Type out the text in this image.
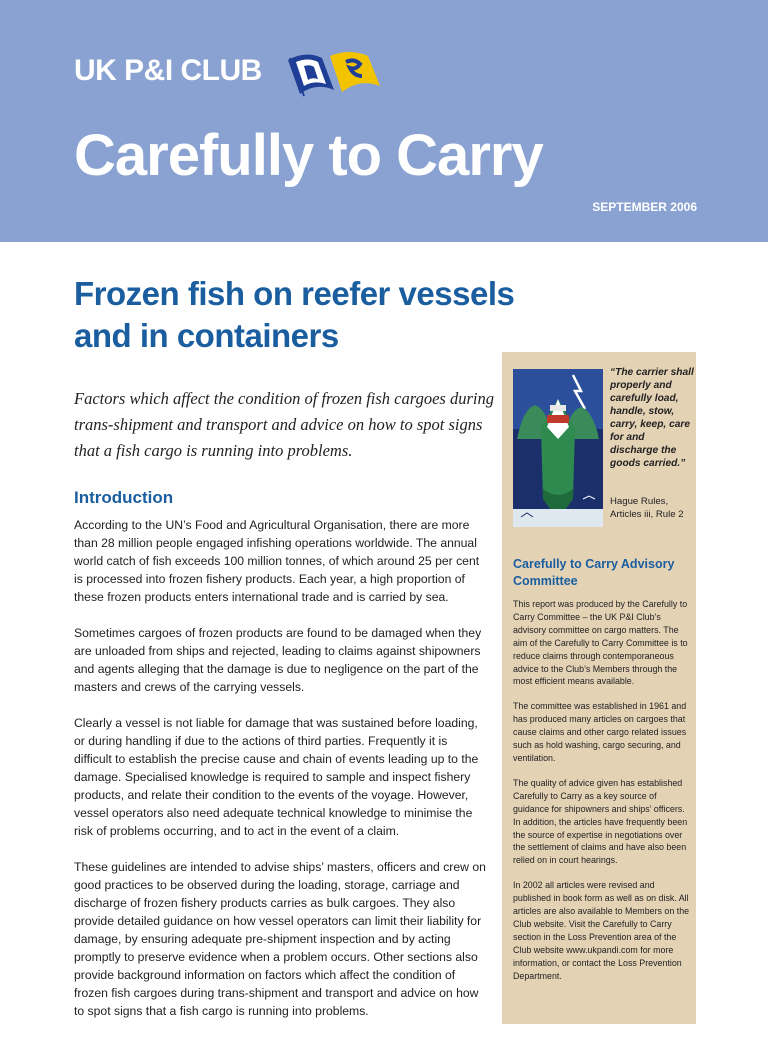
UK P&I CLUB
Carefully to Carry
SEPTEMBER 2006
Frozen fish on reefer vessels
and in containers

Factors which affect the condition of frozen fish cargoes during trans-shipment and transport and advice on how to spot signs that a fish cargo is running into problems.

Introduction

According to the UN’s Food and Agricultural Organisation, there are more than 28 million people engaged infishing operations worldwide. The annual world catch of fish exceeds 100 million tonnes, of which around 25 per cent is processed into frozen fishery products. Each year, a high proportion of these frozen products enters international trade and is carried by sea.

Sometimes cargoes of frozen products are found to be damaged when they are unloaded from ships and rejected, leading to claims against shipowners and agents alleging that the damage is due to negligence on the part of the masters and crews of the carrying vessels.

Clearly a vessel is not liable for damage that was sustained before loading, or during handling if due to the actions of third parties. Frequently it is difficult to establish the precise cause and chain of events leading up to the damage. Specialised knowledge is required to sample and inspect fishery products, and relate their condition to the events of the voyage. However, vessel operators also need adequate technical knowledge to minimise the risk of problems occurring, and to act in the event of a claim.

These guidelines are intended to advise ships’ masters, officers and crew on good practices to be observed during the loading, storage, carriage and discharge of frozen fishery products carries as bulk cargoes. They also provide detailed guidance on how vessel operators can limit their liability for damage, by ensuring adequate pre-shipment inspection and by acting promptly to preserve evidence when a problem occurs. Other sections also provide background information on factors which affect the condition of frozen fish cargoes during trans-shipment and transport and advice on how to spot signs that a fish cargo is running into problems.

“The carrier shall properly and carefully load, handle, stow, carry, keep, care for and discharge the goods carried.”
Hague Rules, Articles iii, Rule 2
Carefully to Carry Advisory Committee

This report was produced by the Carefully to Carry Committee – the UK P&I Club’s advisory committee on cargo matters. The aim of the Carefully to Carry Committee is to reduce claims through contemporaneous advice to the Club’s Members through the most efficient means available.

The committee was established in 1961 and has produced many articles on cargoes that cause claims and other cargo related issues such as hold washing, cargo securing, and ventilation.

The quality of advice given has established Carefully to Carry as a key source of guidance for shipowners and ships’ officers. In addition, the articles have frequently been the source of expertise in negotiations over the settlement of claims and have also been relied on in court hearings.

In 2002 all articles were revised and published in book form as well as on disk. All articles are also available to Members on the Club website. Visit the Carefully to Carry section in the Loss Prevention area of the Club website www.ukpandi.com for more information, or contact the Loss Prevention Department.
